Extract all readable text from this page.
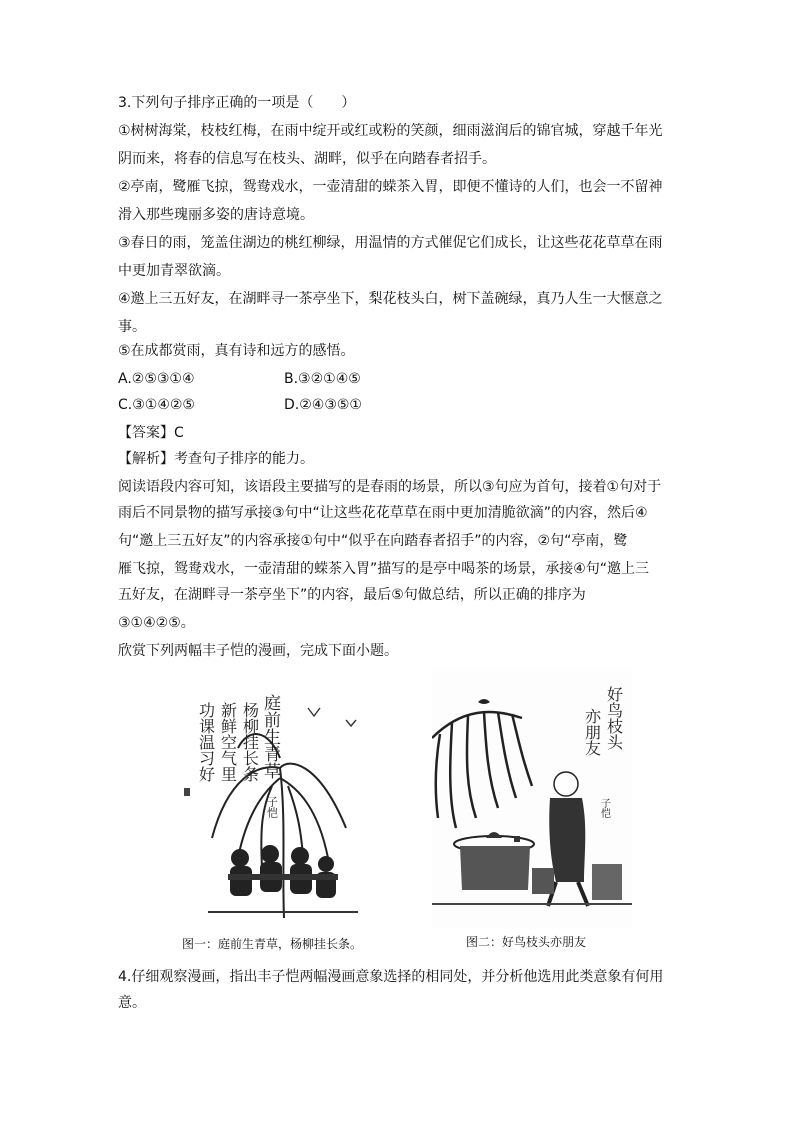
3.下列句子排序正确的一项是（　　）
①树树海棠，枝枝红梅，在雨中绽开或红或粉的笑颜，细雨滋润后的锦官城，穿越千年光
阴而来，将春的信息写在枝头、湖畔，似乎在向踏春者招手。
②亭南，鹭雁飞掠，鸳鸯戏水，一壶清甜的蝾茶入胃，即便不懂诗的人们，也会一不留神
滑入那些瑰丽多姿的唐诗意境。
③春日的雨，笼盖住湖边的桃红柳绿，用温情的方式催促它们成长，让这些花花草草在雨
中更加青翠欲滴。
④邀上三五好友，在湖畔寻一茶亭坐下，梨花枝头白，树下盖碗绿，真乃人生一大惬意之
事。
⑤在成都赏雨，真有诗和远方的感悟。
A.②⑤③①④	B.③②①④⑤
C.③①④②⑤	D.②④③⑤①
【答案】C
【解析】考查句子排序的能力。
阅读语段内容可知，该语段主要描写的是春雨的场景，所以③句应为首句，接着①句对于
雨后不同景物的描写承接③句中“让这些花花草草在雨中更加清脆欲滴”的内容，然后④
句“邀上三五好友”的内容承接①句中“似乎在向踏春者招手”的内容，②句“亭南，鹭
雁飞掠，鸳鸯戏水，一壶清甜的蝾茶入胃”描写的是亭中喝茶的场景，承接④句“邀上三
五好友，在湖畔寻一茶亭坐下”的内容，最后⑤句做总结，所以正确的排序为
③①④②⑤。
欣赏下列两幅丰子恺的漫画，完成下面小题。
庭前生青草
杨柳挂长条
新鲜空气里
功课温习好
子恺
图一：庭前生青草，杨柳挂长条。
好鸟枝头
亦朋友
子恺
图二：好鸟枝头亦朋友
4.仔细观察漫画，指出丰子恺两幅漫画意象选择的相同处，并分析他选用此类意象有何用
意。
